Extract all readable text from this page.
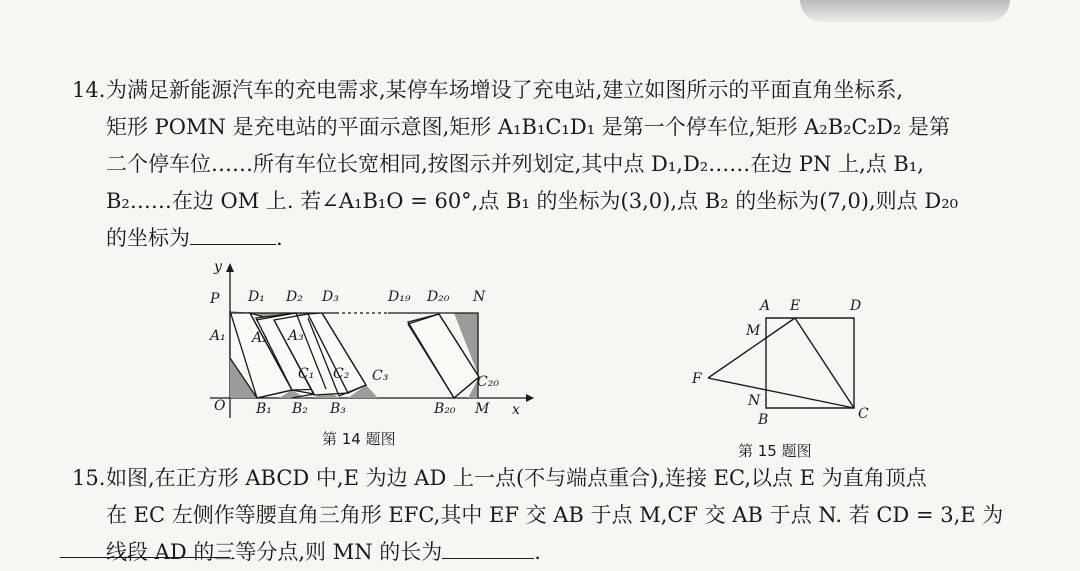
14.为满足新能源汽车的充电需求,某停车场增设了充电站,建立如图所示的平面直角坐标系,
矩形 POMN 是充电站的平面示意图,矩形 A₁B₁C₁D₁ 是第一个停车位,矩形 A₂B₂C₂D₂ 是第
二个停车位……所有车位长宽相同,按图示并列划定,其中点 D₁,D₂……在边 PN 上,点 B₁,
B₂……在边 OM 上. 若∠A₁B₁O = 60°,点 B₁ 的坐标为(3,0),点 B₂ 的坐标为(7,0),则点 D₂₀
的坐标为	.
y
P
A₁
O
D₁ D₂ D₃	D₁₉ D₂₀ N
A₂ A₃
C₁ C₂ C₃	C₂₀
B₁ B₂ B₃	B₂₀ M x
第 14 题图
A E	D
M
F
N
B	C
第 15 题图
15.如图,在正方形 ABCD 中,E 为边 AD 上一点(不与端点重合),连接 EC,以点 E 为直角顶点
在 EC 左侧作等腰直角三角形 EFC,其中 EF 交 AB 于点 M,CF 交 AB 于点 N. 若 CD = 3,E 为
线段 AD 的三等分点,则 MN 的长为	.
